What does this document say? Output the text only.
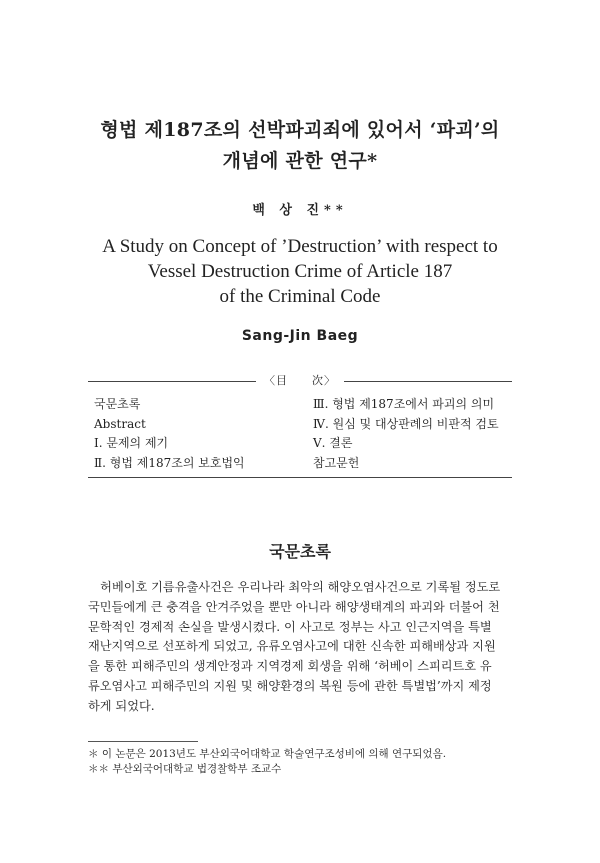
형법 제187조의 선박파괴죄에 있어서 ‘파괴’의
개념에 관한 연구*
백 상 진**
A Study on Concept of ’Destruction’ with respect to
Vessel Destruction Crime of Article 187
of the Criminal Code
Sang-Jin Baeg
〈目　　次〉
국문초록
Abstract
Ⅰ. 문제의 제기
Ⅱ. 형법 제187조의 보호법익
Ⅲ. 형법 제187조에서 파괴의 의미
Ⅳ. 원심 및 대상판례의 비판적 검토
Ⅴ. 결론
참고문헌
국문초록
　허베이호 기름유출사건은 우리나라 최악의 해양오염사건으로 기록될 정도로
국민들에게 큰 충격을 안겨주었을 뿐만 아니라 해양생태계의 파괴와 더불어 천
문학적인 경제적 손실을 발생시켰다. 이 사고로 정부는 사고 인근지역을 특별
재난지역으로 선포하게 되었고, 유류오염사고에 대한 신속한 피해배상과 지원
을 통한 피해주민의 생계안정과 지역경제 회생을 위해 ‘허베이 스피리트호 유
류오염사고 피해주민의 지원 및 해양환경의 복원 등에 관한 특별법’까지 제정
하게 되었다.
＊ 이 논문은 2013년도 부산외국어대학교 학술연구조성비에 의해 연구되었음.
＊＊ 부산외국어대학교 법경찰학부 조교수
